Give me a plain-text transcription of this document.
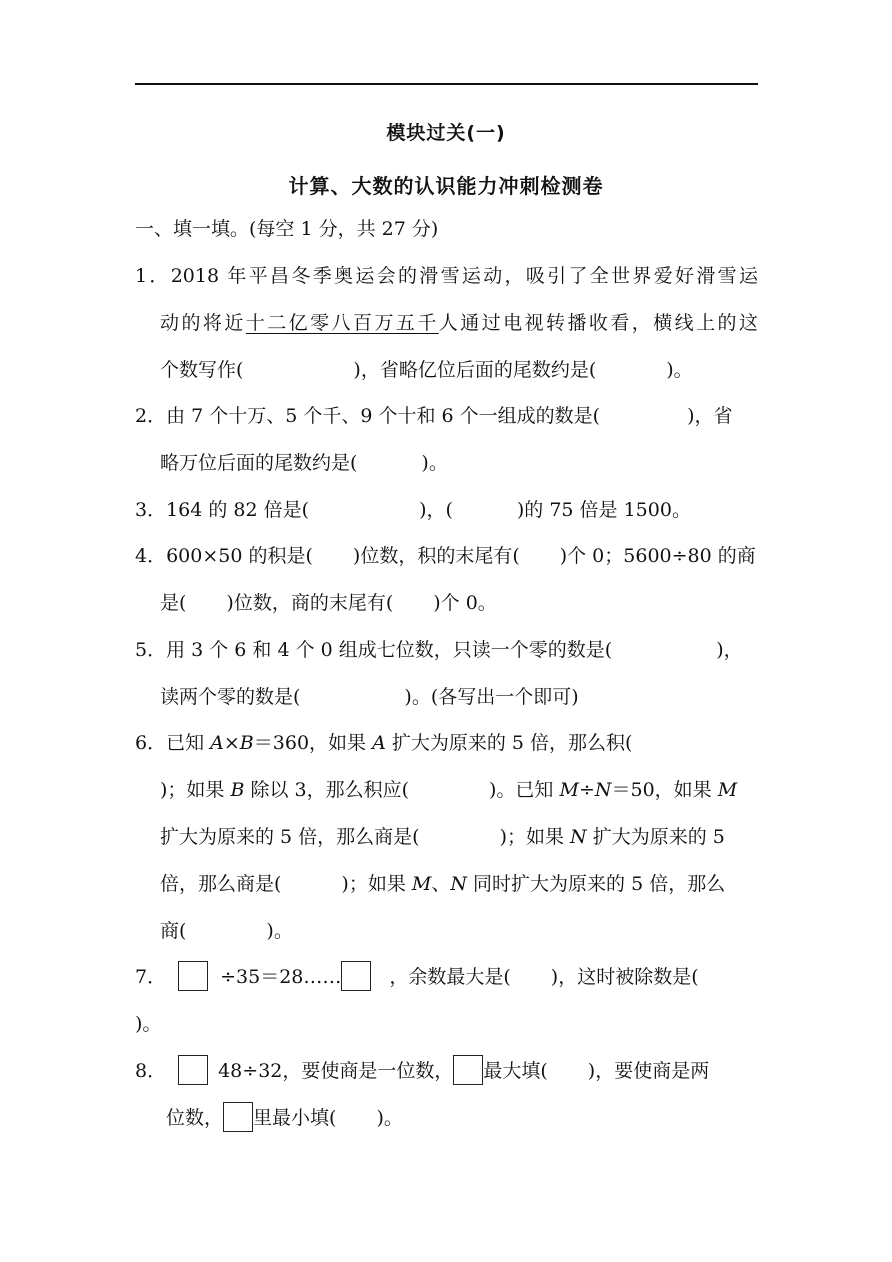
模块过关(一)
计算、大数的认识能力冲刺检测卷
一、填一填。(每空 1 分，共 27 分)
1．2018 年平昌冬季奥运会的滑雪运动，吸引了全世界爱好滑雪运
动的将近十二亿零八百万五千人通过电视转播收看，横线上的这
个数写作(	)，省略亿位后面的尾数约是(	)。
2．由 7 个十万、5 个千、9 个十和 6 个一组成的数是(	)，省
略万位后面的尾数约是(	)。
3．164 的 82 倍是(	)，(	)的 75 倍是 1500。
4．600×50 的积是( )位数，积的末尾有( )个 0；5600÷80 的商
是( )位数，商的末尾有( )个 0。
5．用 3 个 6 和 4 个 0 组成七位数，只读一个零的数是(	)，
读两个零的数是(	)。(各写出一个即可)
6．已知 A×B＝360，如果 A 扩大为原来的 5 倍，那么积(
)；如果 B 除以 3，那么积应(	)。已知 M÷N＝50，如果 M
扩大为原来的 5 倍，那么商是(	)；如果 N 扩大为原来的 5
倍，那么商是(	)；如果 M、N 同时扩大为原来的 5 倍，那么
商(	)。
7．	÷35＝28……	，余数最大是( )，这时被除数是(
)。
8．	48÷32，要使商是一位数， 最大填( )，要使商是两
位数， 里最小填( )。
